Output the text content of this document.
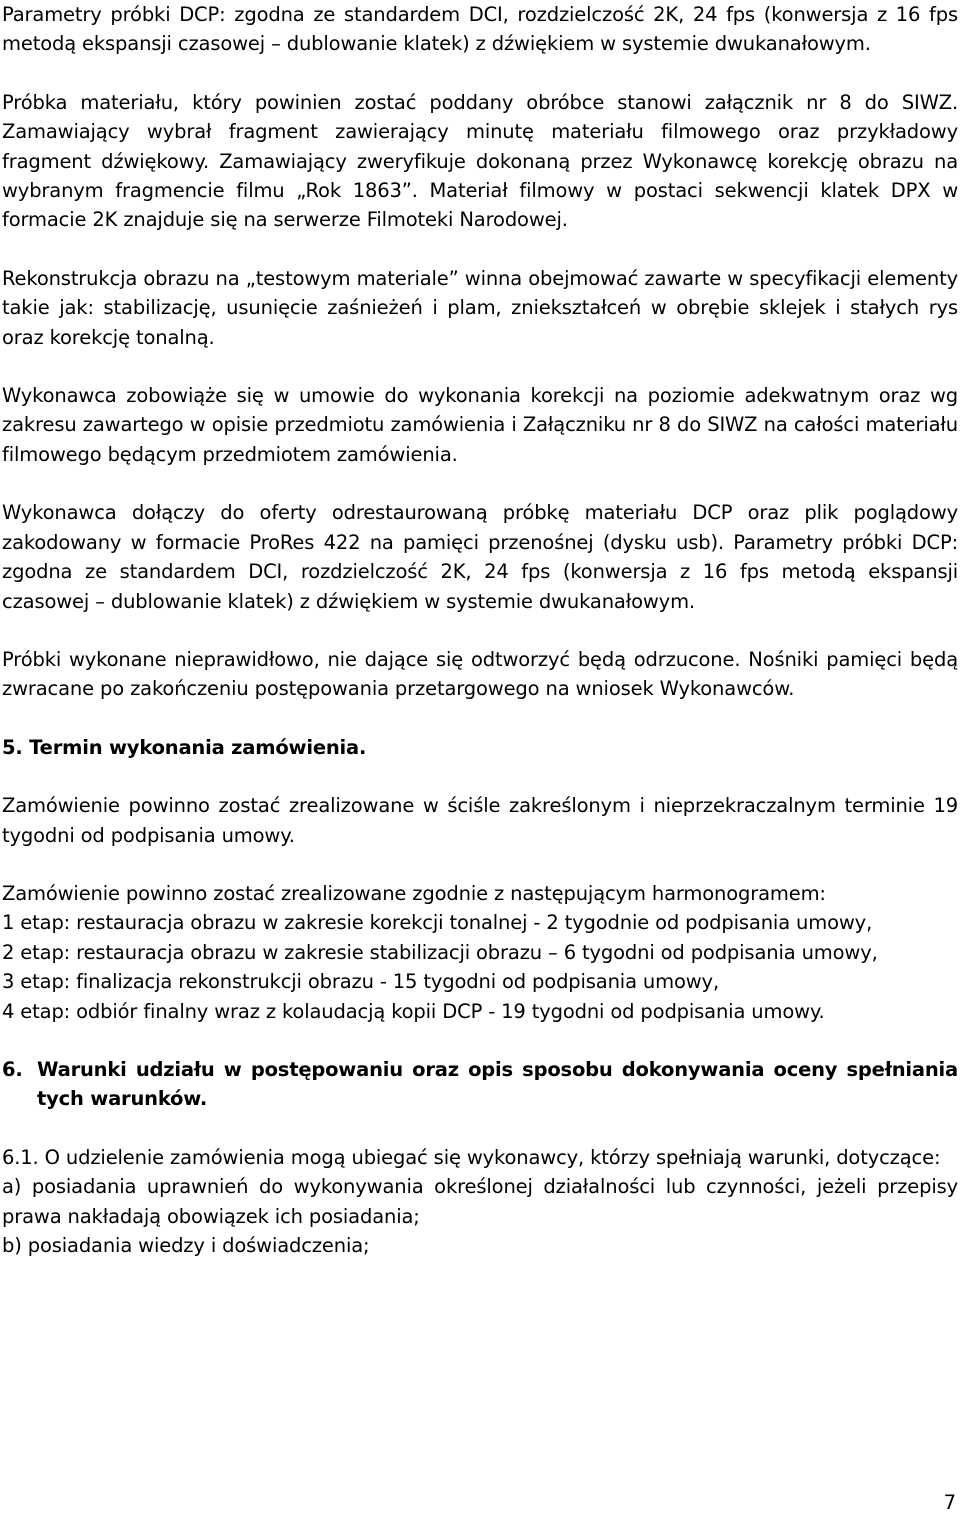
Parametry próbki DCP: zgodna ze standardem DCI, rozdzielczość 2K, 24 fps (konwersja z 16 fps metodą ekspansji czasowej – dublowanie klatek) z dźwiękiem w systemie dwukanałowym.

Próbka materiału, który powinien zostać poddany obróbce stanowi załącznik nr 8 do SIWZ. Zamawiający wybrał fragment zawierający minutę materiału filmowego oraz przykładowy fragment dźwiękowy. Zamawiający zweryfikuje dokonaną przez Wykonawcę korekcję obrazu na wybranym fragmencie filmu „Rok 1863”. Materiał filmowy w postaci sekwencji klatek DPX w formacie 2K znajduje się na serwerze Filmoteki Narodowej.

Rekonstrukcja obrazu na „testowym materiale” winna obejmować zawarte w specyfikacji elementy takie jak: stabilizację, usunięcie zaśnieżeń i plam, zniekształceń w obrębie sklejek i stałych rys oraz korekcję tonalną.

Wykonawca zobowiąże się w umowie do wykonania korekcji na poziomie adekwatnym oraz wg zakresu zawartego w opisie przedmiotu zamówienia i Załączniku nr 8 do SIWZ na całości materiału filmowego będącym przedmiotem zamówienia.

Wykonawca dołączy do oferty odrestaurowaną próbkę materiału DCP oraz plik poglądowy zakodowany w formacie ProRes 422 na pamięci przenośnej (dysku usb). Parametry próbki DCP: zgodna ze standardem DCI, rozdzielczość 2K, 24 fps (konwersja z 16 fps metodą ekspansji czasowej – dublowanie klatek) z dźwiękiem w systemie dwukanałowym.

Próbki wykonane nieprawidłowo, nie dające się odtworzyć będą odrzucone. Nośniki pamięci będą zwracane po zakończeniu postępowania przetargowego na wniosek Wykonawców.

5. Termin wykonania zamówienia.

Zamówienie powinno zostać zrealizowane w ściśle zakreślonym i nieprzekraczalnym terminie 19 tygodni od podpisania umowy.

Zamówienie powinno zostać zrealizowane zgodnie z następującym harmonogramem:

1 etap: restauracja obrazu w zakresie korekcji tonalnej - 2 tygodnie od podpisania umowy,

2 etap: restauracja obrazu w zakresie stabilizacji obrazu – 6 tygodni od podpisania umowy,

3 etap: finalizacja rekonstrukcji obrazu - 15 tygodni od podpisania umowy,

4 etap: odbiór finalny wraz z kolaudacją kopii DCP - 19 tygodni od podpisania umowy.

6. Warunki udziału w postępowaniu oraz opis sposobu dokonywania oceny spełniania tych warunków.

6.1. O udzielenie zamówienia mogą ubiegać się wykonawcy, którzy spełniają warunki, dotyczące:

a) posiadania uprawnień do wykonywania określonej działalności lub czynności, jeżeli przepisy prawa nakładają obowiązek ich posiadania;

b) posiadania wiedzy i doświadczenia;

7
